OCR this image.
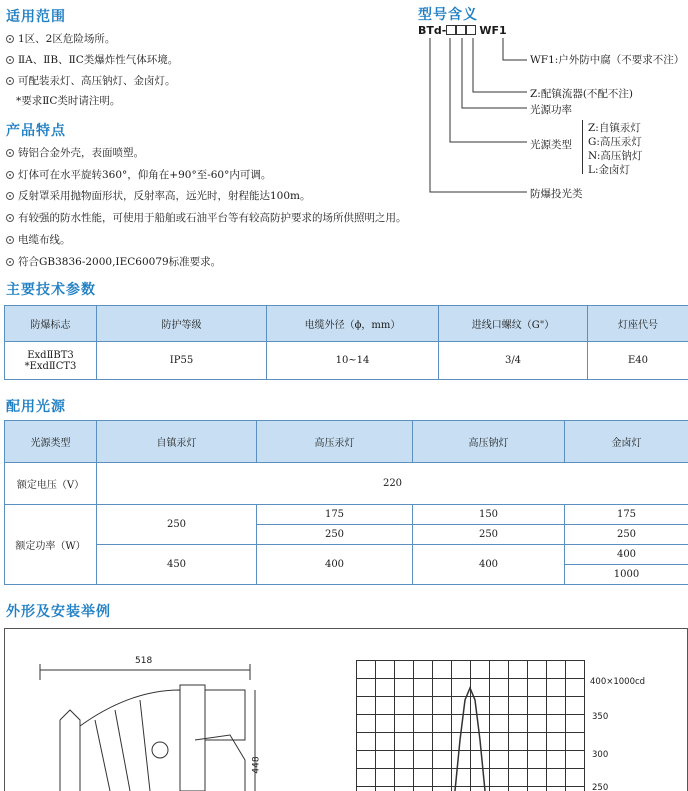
适用范围
1区、2区危险场所。
ⅡA、ⅡB、ⅡC类爆炸性气体环境。
可配装汞灯、高压钠灯、金卤灯。
*要求ⅡC类时请注明。
型号含义
BTd-	WF1
WF1:户外防中腐（不要求不注）
Z:配镇流器(不配不注)
光源功率
光源类型
Z:自镇汞灯
G:高压汞灯
N:高压钠灯
L:金卤灯
防爆投光类
产品特点
铸铝合金外壳，表面喷塑。
灯体可在水平旋转360°，仰角在+90°至-60°内可调。
反射罩采用抛物面形状，反射率高，远光时，射程能达100m。
有较强的防水性能，可使用于船舶或石油平台等有较高防护要求的场所供照明之用。
电缆布线。
符合GB3836-2000,IEC60079标准要求。
主要技术参数
防爆标志	防护等级	电缆外径（ϕ，mm）	进线口螺纹（G"）	灯座代号

ExdⅡBT3
*ExdⅡCT3	IP55	10~14	3/4	E40
配用光源
光源类型	自镇汞灯	高压汞灯	高压钠灯	金卤灯
额定电压（V）	220			
额定功率（W）	250	175	150	175
		250	250	250
	450	400	400	400
				1000
外形及安装举例
518
448
400×1000cd
350
300
250
